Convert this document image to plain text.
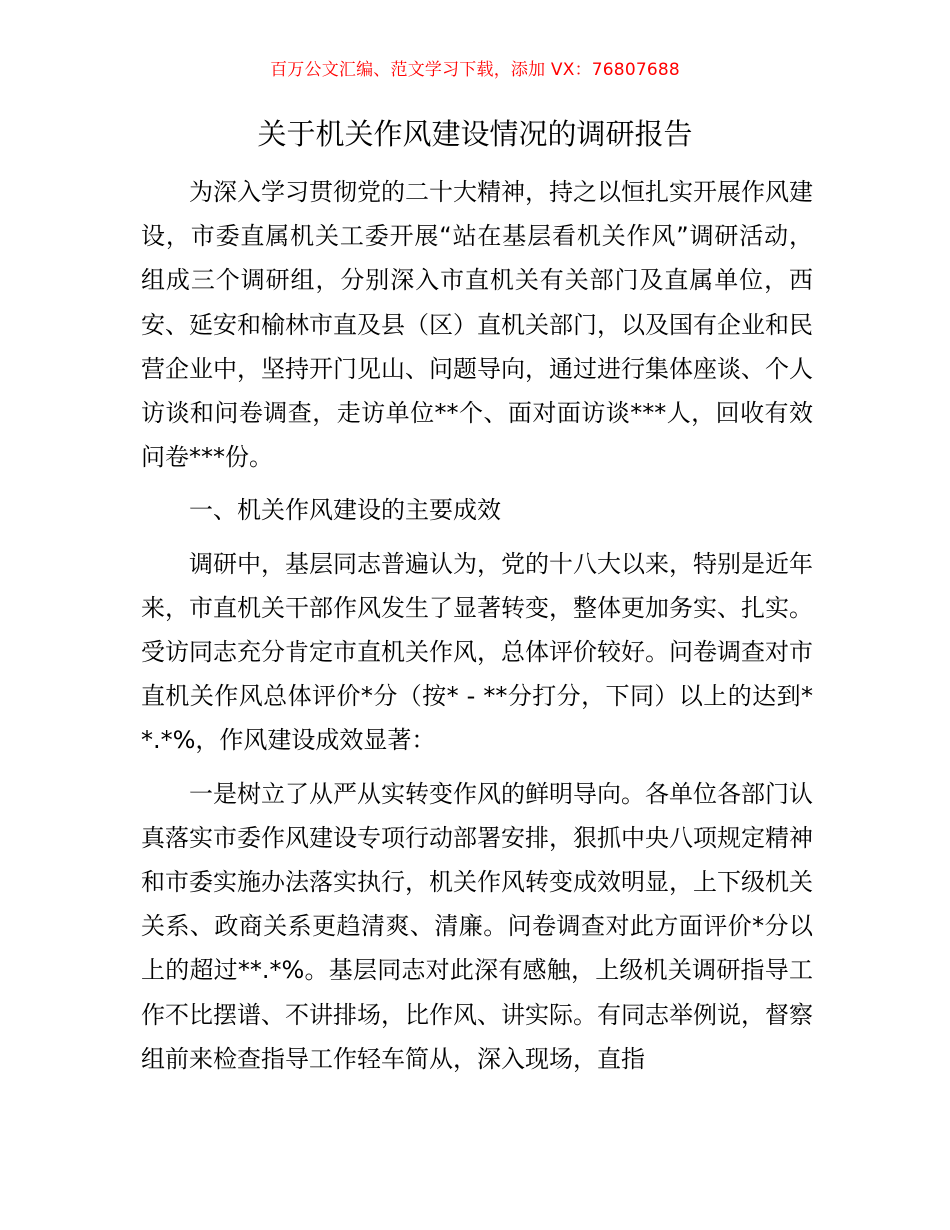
百万公文汇编、范文学习下载，添加 VX：76807688
关于机关作风建设情况的调研报告

为深入学习贯彻党的二十大精神，持之以恒扎实开展作风建设，市委直属机关工委开展“站在基层看机关作风”调研活动，组成三个调研组，分别深入市直机关有关部门及直属单位，西安、延安和榆林市直及县（区）直机关部门，以及国有企业和民营企业中，坚持开门见山、问题导向，通过进行集体座谈、个人访谈和问卷调查，走访单位**个、面对面访谈***人，回收有效问卷***份。

一、机关作风建设的主要成效

调研中，基层同志普遍认为，党的十八大以来，特别是近年来，市直机关干部作风发生了显著转变，整体更加务实、扎实。受访同志充分肯定市直机关作风，总体评价较好。问卷调查对市直机关作风总体评价*分（按* - **分打分，下同）以上的达到**.*%，作风建设成效显著：

一是树立了从严从实转变作风的鲜明导向。各单位各部门认真落实市委作风建设专项行动部署安排，狠抓中央八项规定精神和市委实施办法落实执行，机关作风转变成效明显，上下级机关关系、政商关系更趋清爽、清廉。问卷调查对此方面评价*分以上的超过**.*%。基层同志对此深有感触，上级机关调研指导工作不比摆谱、不讲排场，比作风、讲实际。有同志举例说，督察组前来检查指导工作轻车简从，深入现场，直指
